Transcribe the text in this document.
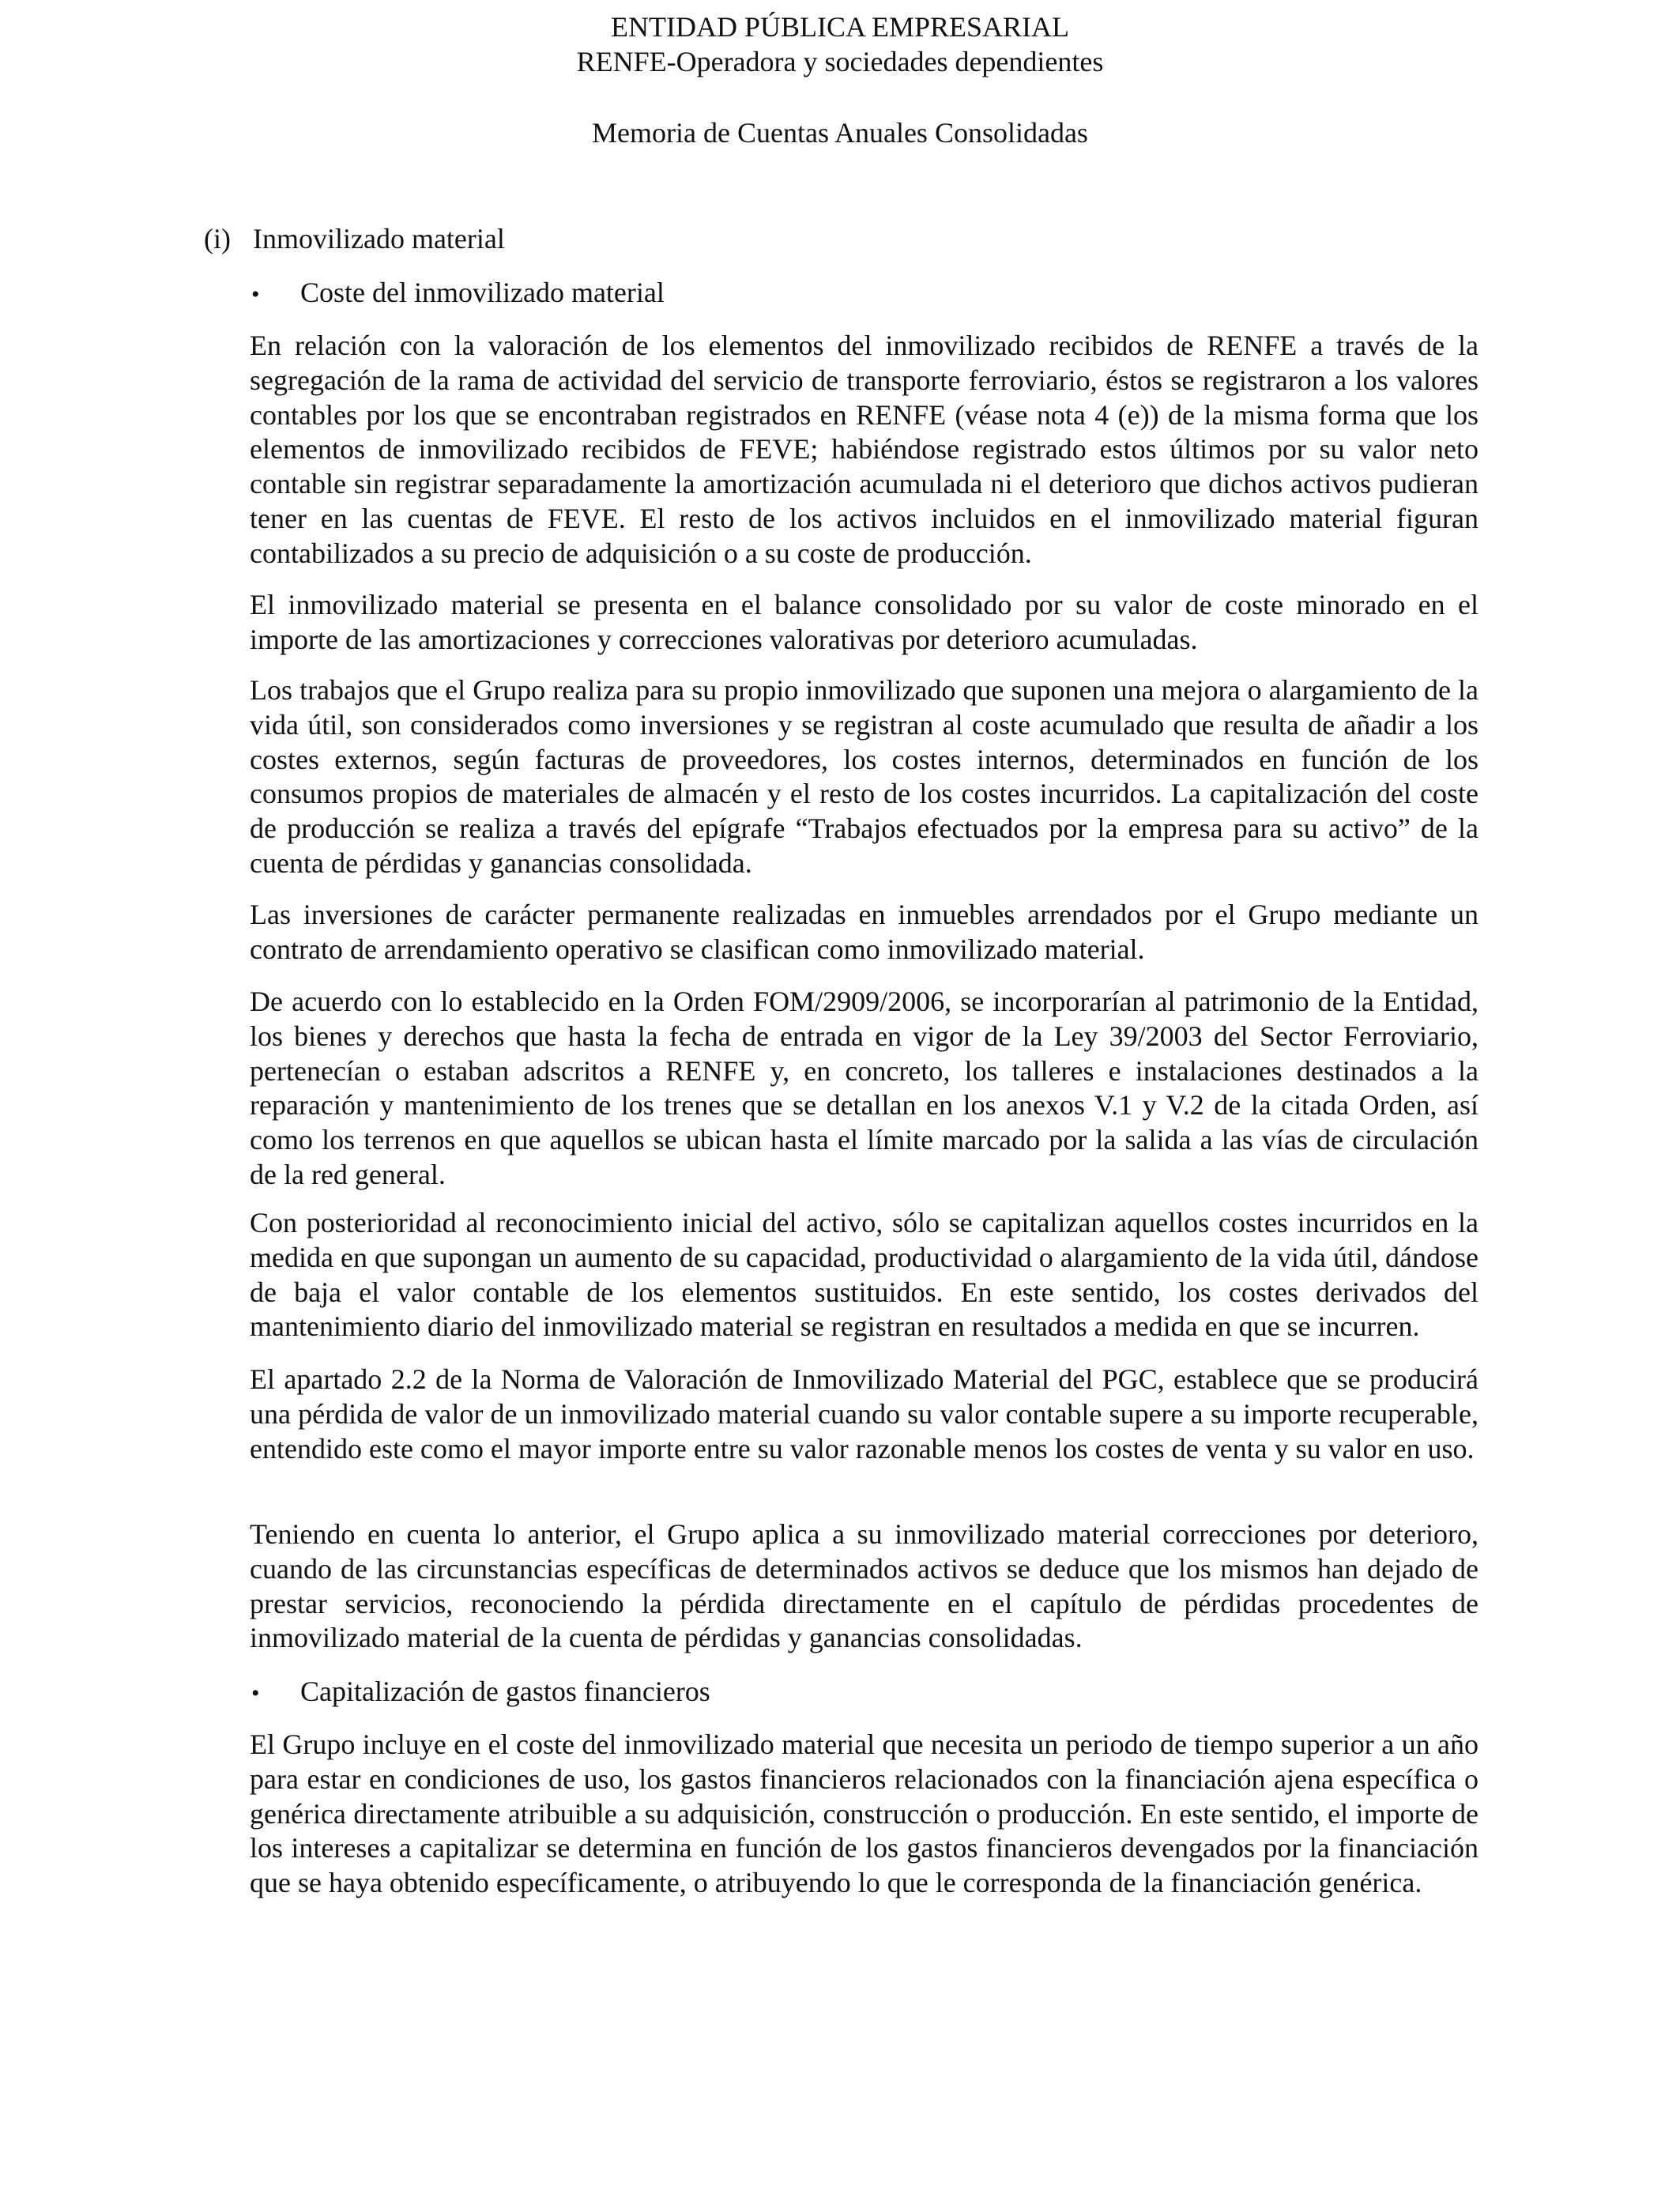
ENTIDAD PÚBLICA EMPRESARIAL
RENFE-Operadora y sociedades dependientes
Memoria de Cuentas Anuales Consolidadas
(i) Inmovilizado material
• Coste del inmovilizado material

En relación con la valoración de los elementos del inmovilizado recibidos de RENFE a través de la segregación de la rama de actividad del servicio de transporte ferroviario, éstos se registraron a los valores contables por los que se encontraban registrados en RENFE (véase nota 4 (e)) de la misma forma que los elementos de inmovilizado recibidos de FEVE; habiéndose registrado estos últimos por su valor neto contable sin registrar separadamente la amortización acumulada ni el deterioro que dichos activos pudieran tener en las cuentas de FEVE. El resto de los activos incluidos en el inmovilizado material figuran contabilizados a su precio de adquisición o a su coste de producción.

El inmovilizado material se presenta en el balance consolidado por su valor de coste minorado en el importe de las amortizaciones y correcciones valorativas por deterioro acumuladas.

Los trabajos que el Grupo realiza para su propio inmovilizado que suponen una mejora o alargamiento de la vida útil, son considerados como inversiones y se registran al coste acumulado que resulta de añadir a los costes externos, según facturas de proveedores, los costes internos, determinados en función de los consumos propios de materiales de almacén y el resto de los costes incurridos. La capitalización del coste de producción se realiza a través del epígrafe “Trabajos efectuados por la empresa para su activo” de la cuenta de pérdidas y ganancias consolidada.

Las inversiones de carácter permanente realizadas en inmuebles arrendados por el Grupo mediante un contrato de arrendamiento operativo se clasifican como inmovilizado material.

De acuerdo con lo establecido en la Orden FOM/2909/2006, se incorporarían al patrimonio de la Entidad, los bienes y derechos que hasta la fecha de entrada en vigor de la Ley 39/2003 del Sector Ferroviario, pertenecían o estaban adscritos a RENFE y, en concreto, los talleres e instalaciones destinados a la reparación y mantenimiento de los trenes que se detallan en los anexos V.1 y V.2 de la citada Orden, así como los terrenos en que aquellos se ubican hasta el límite marcado por la salida a las vías de circulación de la red general.

Con posterioridad al reconocimiento inicial del activo, sólo se capitalizan aquellos costes incurridos en la medida en que supongan un aumento de su capacidad, productividad o alargamiento de la vida útil, dándose de baja el valor contable de los elementos sustituidos. En este sentido, los costes derivados del mantenimiento diario del inmovilizado material se registran en resultados a medida en que se incurren.

El apartado 2.2 de la Norma de Valoración de Inmovilizado Material del PGC, establece que se producirá una pérdida de valor de un inmovilizado material cuando su valor contable supere a su importe recuperable, entendido este como el mayor importe entre su valor razonable menos los costes de venta y su valor en uso.

Teniendo en cuenta lo anterior, el Grupo aplica a su inmovilizado material correcciones por deterioro, cuando de las circunstancias específicas de determinados activos se deduce que los mismos han dejado de prestar servicios, reconociendo la pérdida directamente en el capítulo de pérdidas procedentes de inmovilizado material de la cuenta de pérdidas y ganancias consolidadas.

• Capitalización de gastos financieros

El Grupo incluye en el coste del inmovilizado material que necesita un periodo de tiempo superior a un año para estar en condiciones de uso, los gastos financieros relacionados con la financiación ajena específica o genérica directamente atribuible a su adquisición, construcción o producción. En este sentido, el importe de los intereses a capitalizar se determina en función de los gastos financieros devengados por la financiación que se haya obtenido específicamente, o atribuyendo lo que le corresponda de la financiación genérica.
